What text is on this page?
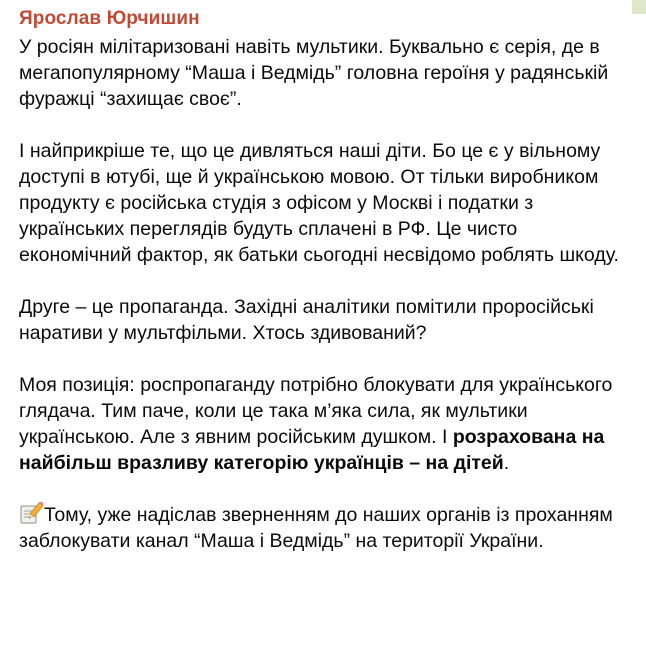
Ярослав Юрчишин

У росіян мілітаризовані навіть мультики. Буквально є серія, де в мегапопулярному “Маша і Ведмідь” головна героїня у радянській фуражці “захищає своє”.

І найприкріше те, що це дивляться наші діти. Бо це є у вільному доступі в ютубі, ще й українською мовою. От тільки виробником продукту є російська студія з офісом у Москві і податки з українських переглядів будуть сплачені в РФ. Це чисто економічний фактор, як батьки сьогодні несвідомо роблять шкоду.

Друге – це пропаганда. Західні аналітики помітили проросійські наративи у мультфільми. Хтось здивований?

Моя позиція: роспропаганду потрібно блокувати для українського глядача. Тим паче, коли це така м’яка сила, як мультики українською. Але з явним російським душком. І розрахована на найбільш вразливу категорію українців – на дітей.

Тому, уже надіслав зверненням до наших органів із проханням заблокувати канал “Маша і Ведмідь” на території України.
